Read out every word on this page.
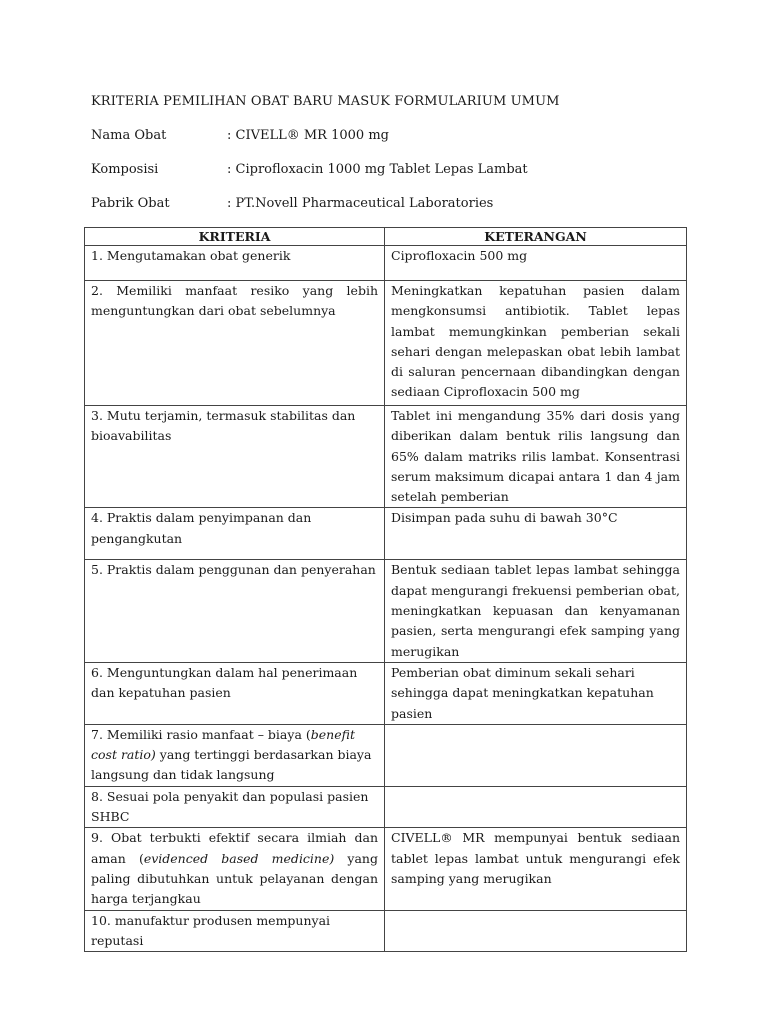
KRITERIA PEMILIHAN OBAT BARU MASUK FORMULARIUM UMUM
Nama Obat	: CIVELL® MR 1000 mg
Komposisi	: Ciprofloxacin 1000 mg Tablet Lepas Lambat
Pabrik Obat	: PT.Novell Pharmaceutical Laboratories
KRITERIA	KETERANGAN
1. Mengutamakan obat generik	Ciprofloxacin 500 mg
2. Memiliki manfaat resiko yang lebih menguntungkan dari obat sebelumnya	Meningkatkan kepatuhan pasien dalam mengkonsumsi antibiotik. Tablet lepas lambat memungkinkan pemberian sekali sehari dengan melepaskan obat lebih lambat di saluran pencernaan dibandingkan dengan sediaan Ciprofloxacin 500 mg
3. Mutu terjamin, termasuk stabilitas dan bioavabilitas	Tablet ini mengandung 35% dari dosis yang diberikan dalam bentuk rilis langsung dan 65% dalam matriks rilis lambat. Konsentrasi serum maksimum dicapai antara 1 dan 4 jam setelah pemberian
4. Praktis dalam penyimpanan dan pengangkutan	Disimpan pada suhu di bawah 30°C
5. Praktis dalam penggunan dan penyerahan	Bentuk sediaan tablet lepas lambat sehingga dapat mengurangi frekuensi pemberian obat, meningkatkan kepuasan dan kenyamanan pasien, serta mengurangi efek samping yang merugikan
6. Menguntungkan dalam hal penerimaan dan kepatuhan pasien	Pemberian obat diminum sekali sehari sehingga dapat meningkatkan kepatuhan pasien
7. Memiliki rasio manfaat – biaya (benefit cost ratio) yang tertinggi berdasarkan biaya langsung dan tidak langsung	
8. Sesuai pola penyakit dan populasi pasien SHBC	
9. Obat terbukti efektif secara ilmiah dan aman (evidenced based medicine) yang paling dibutuhkan untuk pelayanan dengan harga terjangkau	CIVELL® MR mempunyai bentuk sediaan tablet lepas lambat untuk mengurangi efek samping yang merugikan
10. manufaktur produsen mempunyai reputasi	
